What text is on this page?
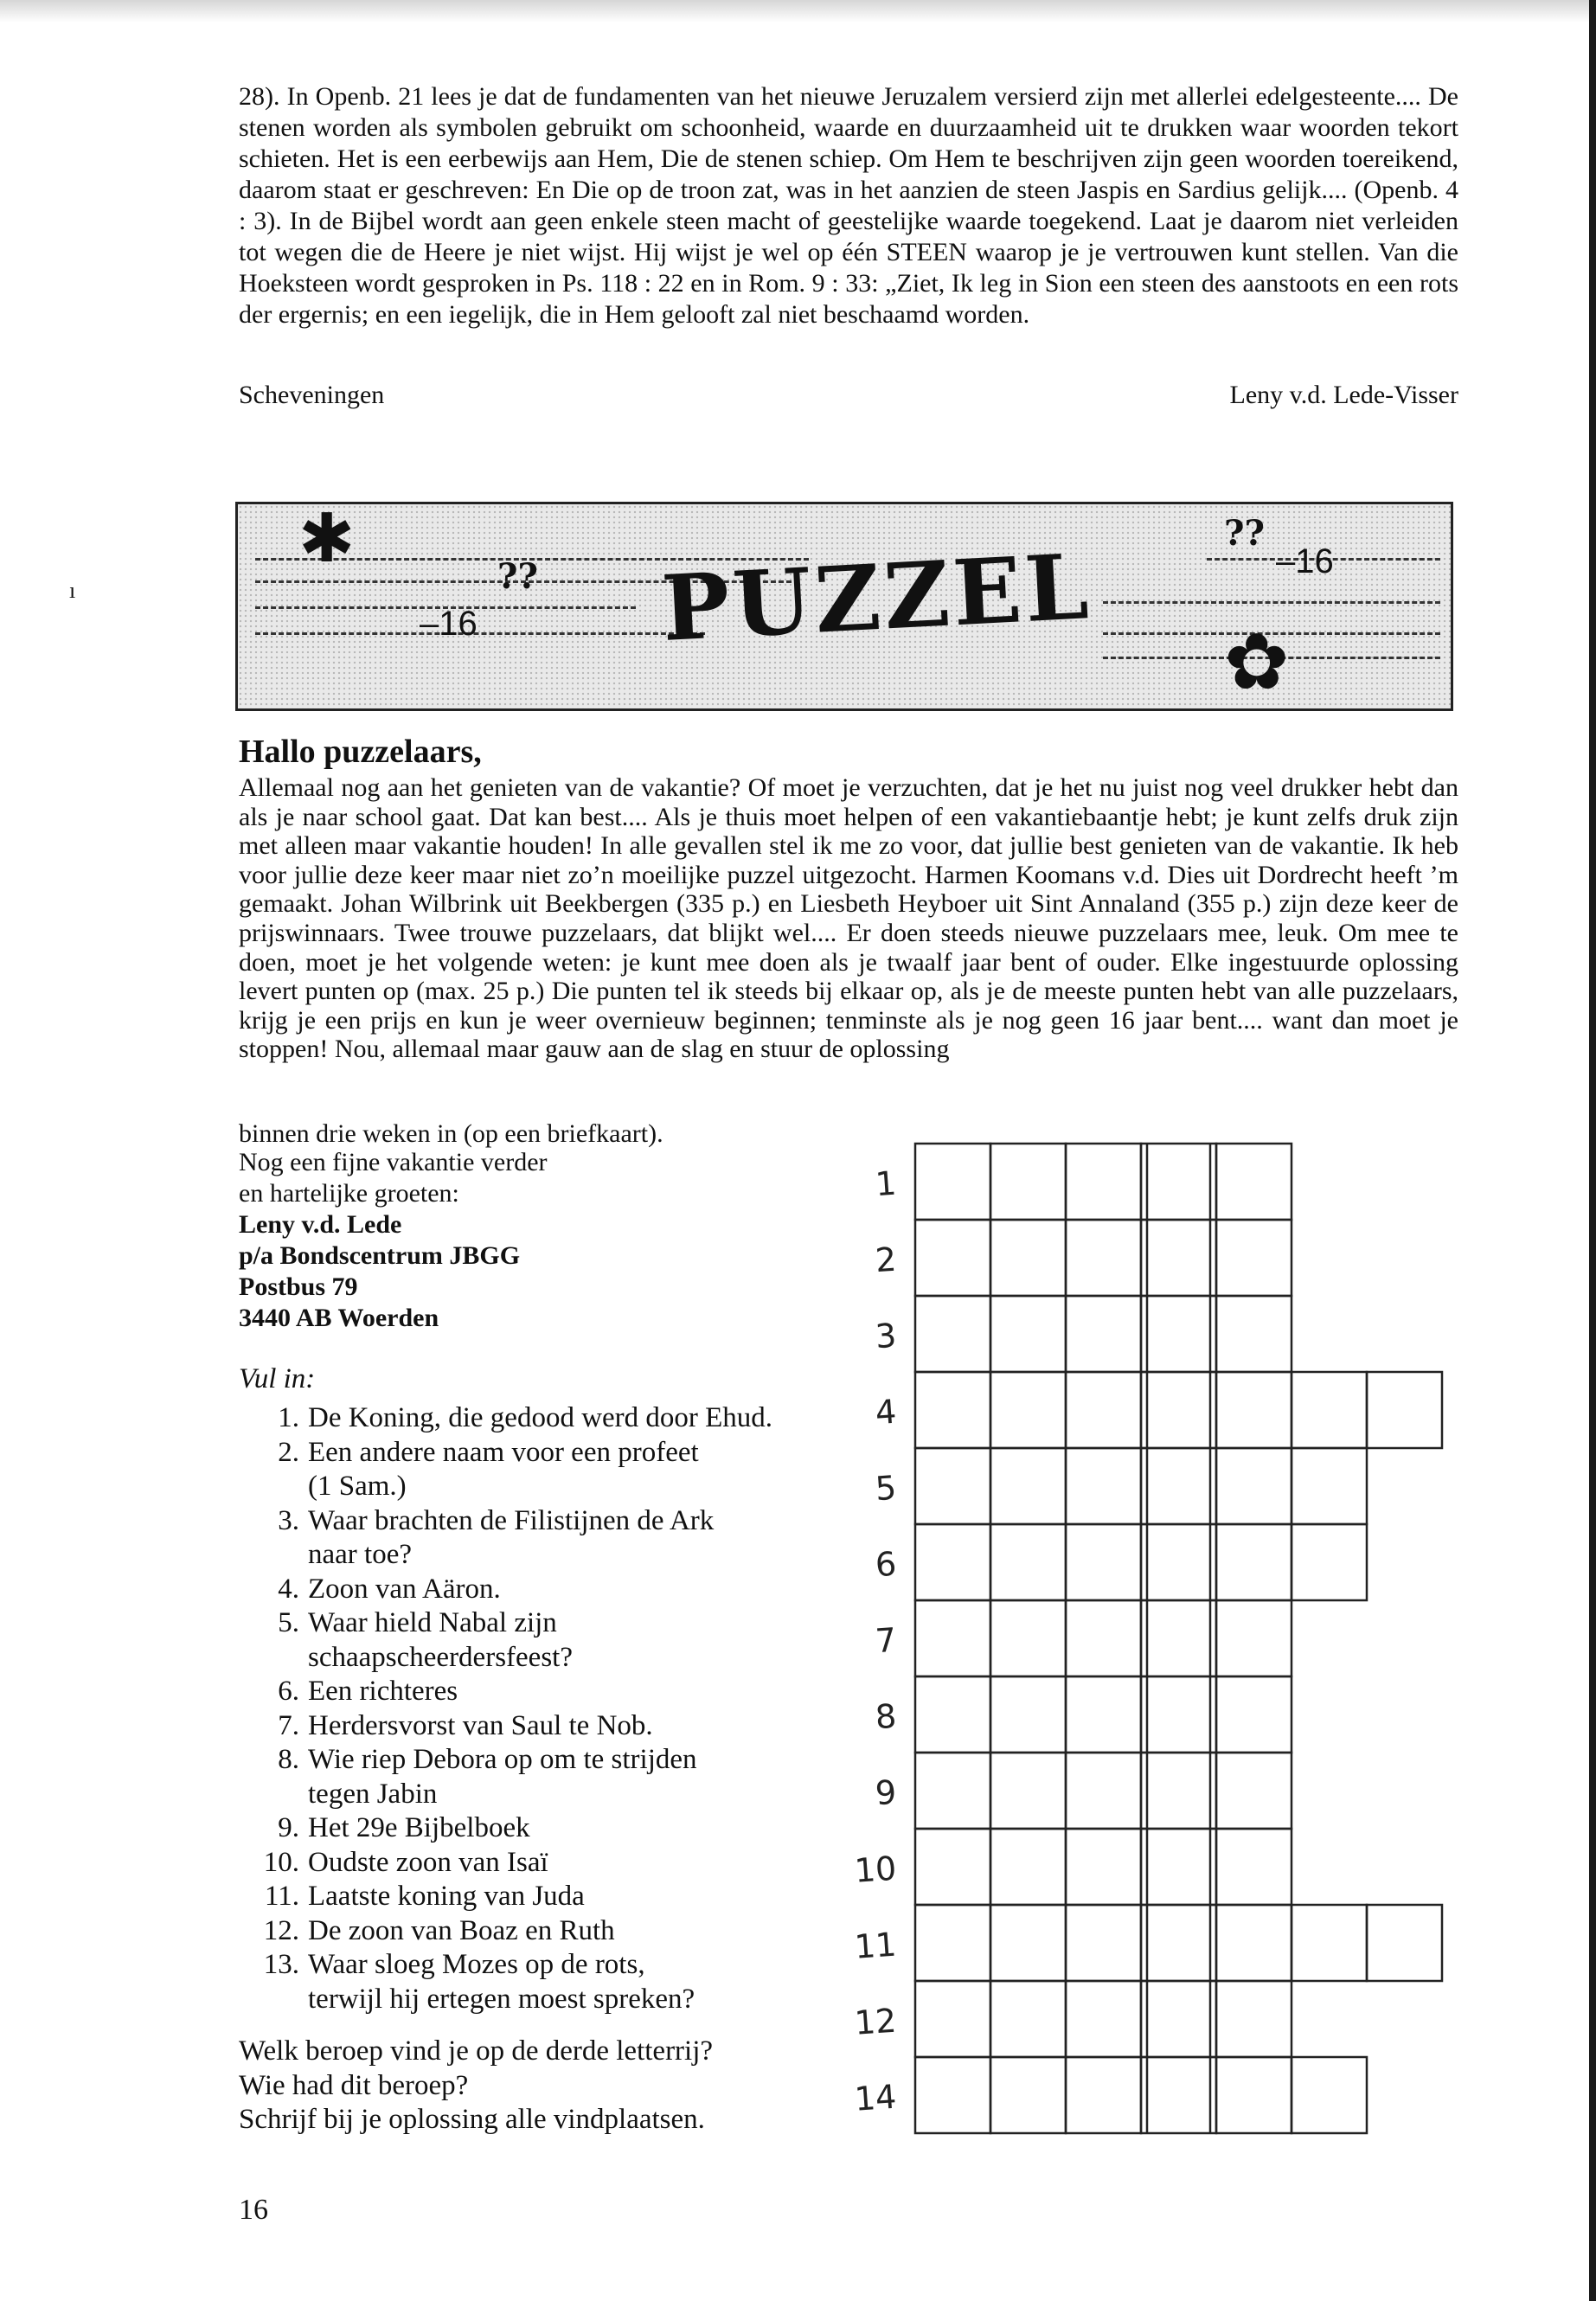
ı

28). In Openb. 21 lees je dat de fundamenten van het nieuwe Jeruzalem versierd zijn met allerlei edelgesteente.... De stenen worden als symbolen gebruikt om schoonheid, waarde en duurzaamheid uit te drukken waar woorden tekort schieten. Het is een eerbewijs aan Hem, Die de stenen schiep. Om Hem te beschrijven zijn geen woorden toereikend, daarom staat er geschreven: En Die op de troon zat, was in het aanzien de steen Jaspis en Sardius gelijk.... (Openb. 4 : 3). In de Bijbel wordt aan geen enkele steen macht of geestelijke waarde toegekend. Laat je daarom niet verleiden tot wegen die de Heere je niet wijst. Hij wijst je wel op één STEEN waarop je je vertrouwen kunt stellen. Van die Hoeksteen wordt gesproken in Ps. 118 : 22 en in Rom. 9 : 33: „Ziet, Ik leg in Sion een steen des aanstoots en een rots der ergernis; en een iegelijk, die in Hem gelooft zal niet beschaamd worden.

Scheveningen	Leny v.d. Lede-Visser
✱
–16
?? PUZZEL	??
–16
✿
Hallo puzzelaars,

Allemaal nog aan het genieten van de vakantie? Of moet je verzuchten, dat je het nu juist nog veel drukker hebt dan als je naar school gaat. Dat kan best.... Als je thuis moet helpen of een vakantiebaantje hebt; je kunt zelfs druk zijn met alleen maar vakantie houden! In alle gevallen stel ik me zo voor, dat jullie best genieten van de vakantie. Ik heb voor jullie deze keer maar niet zo’n moeilijke puzzel uitgezocht. Harmen Koomans v.d. Dies uit Dordrecht heeft ’m gemaakt. Johan Wilbrink uit Beekbergen (335 p.) en Liesbeth Heyboer uit Sint Annaland (355 p.) zijn deze keer de prijswinnaars. Twee trouwe puzzelaars, dat blijkt wel.... Er doen steeds nieuwe puzzelaars mee, leuk. Om mee te doen, moet je het volgende weten: je kunt mee doen als je twaalf jaar bent of ouder. Elke ingestuurde oplossing levert punten op (max. 25 p.) Die punten tel ik steeds bij elkaar op, als je de meeste punten hebt van alle puzzelaars, krijg je een prijs en kun je weer overnieuw beginnen; tenminste als je nog geen 16 jaar bent.... want dan moet je stoppen! Nou, allemaal maar gauw aan de slag en stuur de oplossing

binnen drie weken in (op een briefkaart).
Nog een fijne vakantie verder
en hartelijke groeten:
Leny v.d. Lede
p/a Bondscentrum JBGG
Postbus 79
3440 AB Woerden
Vul in:
1. De Koning, die gedood werd door Ehud.
2. Een andere naam voor een profeet
(1 Sam.)
3. Waar brachten de Filistijnen de Ark
naar toe?
4. Zoon van Aäron.
5. Waar hield Nabal zijn
schaapscheerdersfeest?
6. Een richteres
7. Herdersvorst van Saul te Nob.
8. Wie riep Debora op om te strijden
tegen Jabin
9. Het 29e Bijbelboek
10. Oudste zoon van Isaï
11. Laatste koning van Juda
12. De zoon van Boaz en Ruth
13. Waar sloeg Mozes op de rots,
terwijl hij ertegen moest spreken?
Welk beroep vind je op de derde letterrij?
Wie had dit beroep?
Schrijf bij je oplossing alle vindplaatsen.
16
1
2
3
4
5
6
7
8
9
10
11
12
14
